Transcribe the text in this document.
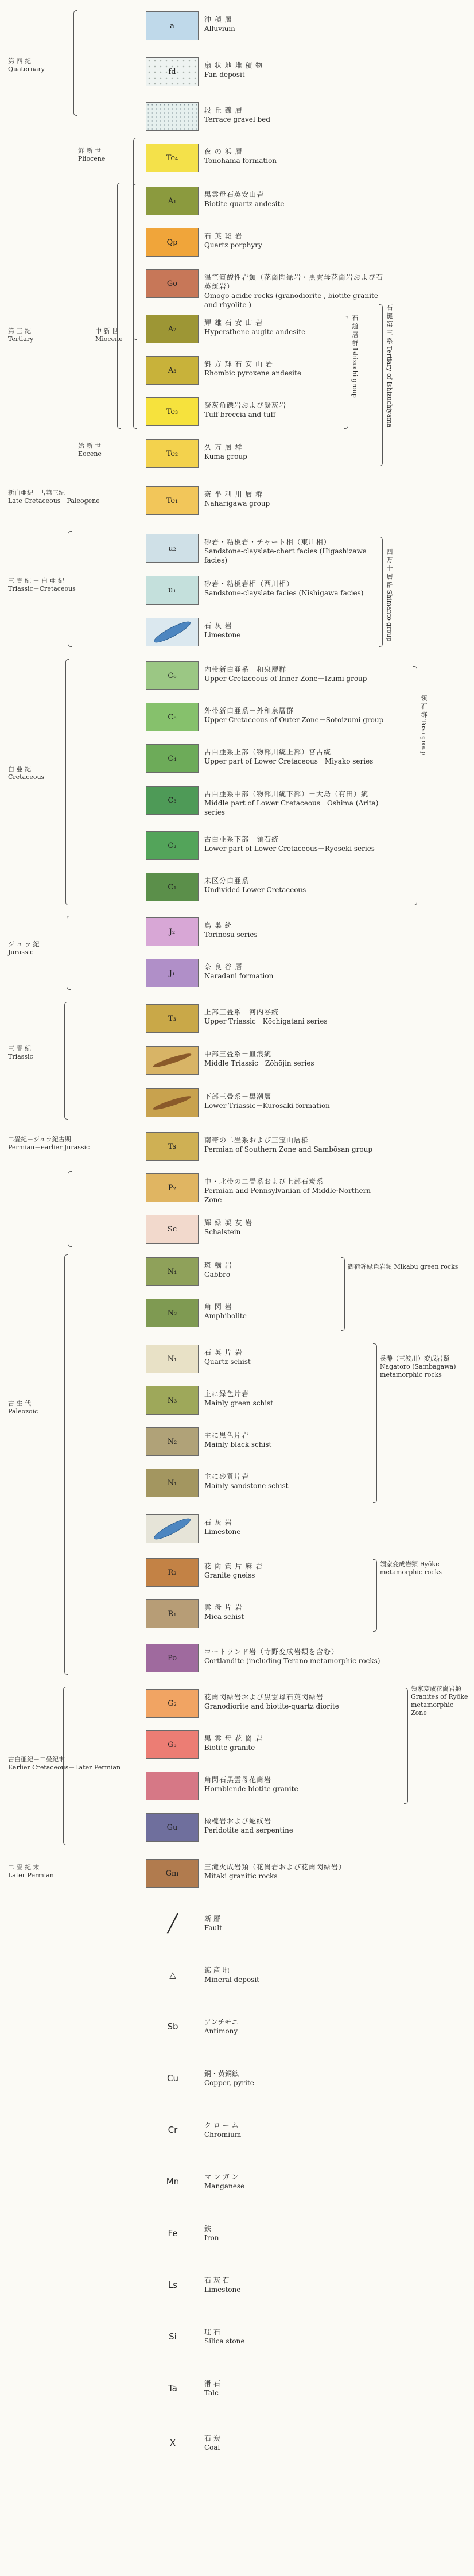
a
沖 積 層
Alluvium
fd
扇 状 地 堆 積 物
Fan deposit
段 丘 礫 層
Terrace gravel bed
Te₄
夜 の 浜 層
Tonohama formation
A₁
黒雲母石英安山岩
Biotite-quartz andesite
Qp
石 英 斑 岩
Quartz porphyry
Go
温竺質酸性岩類（花崗閃緑岩・黒雲母花崗岩および石英斑岩）
Omogo acidic rocks (granodiorite , biotite granite and rhyolite )
A₂
輝 雄 石 安 山 岩
Hypersthene-augite andesite
A₃
斜 方 輝 石 安 山 岩
Rhombic pyroxene andesite
Te₃
凝灰角礫岩および凝灰岩
Tuff-breccia and tuff
Te₂
久 万 層 群
Kuma group
Te₁
奈 半 利 川 層 群
Naharigawa group
u₂
砂岩・粘板岩・チャート相（東川相）
Sandstone-clayslate-chert facies (Higashizawa facies)
u₁
砂岩・粘板岩相（西川相）
Sandstone-clayslate facies (Nishigawa facies)
石 灰 岩
Limestone
C₆
内帯新白亜系－和泉層群
Upper Cretaceous of Inner Zone－Izumi group
C₅
外帯新白亜系－外和泉層群
Upper Cretaceous of Outer Zone－Sotoizumi group
C₄
古白亜系上部（物部川統上部）宮古統
Upper part of Lower Cretaceous－Miyako series
C₃
古白亜系中部（物部川統下部）－大島（有田）統
Middle part of Lower Cretaceous－Oshima (Arita) series
C₂
古白亜系下部－領石統
Lower part of Lower Cretaceous－Ryōseki series
C₁
未区分白亜系
Undivided Lower Cretaceous
J₂
鳥 巣 統
Torinosu series
J₁
奈 良 谷 層
Naradani formation
T₃
上部三畳系－河内谷統
Upper Triassic－Kōchigatani series
中部三畳系－皿浪統
Middle Triassic－Zōhōjin series
下部三畳系－黒潮層
Lower Triassic－Kurosaki formation
Ts
南帯の二畳系および三宝山層群
Permian of Southern Zone and Sambōsan group
P₂
中・北帯の二畳系および上部石炭系
Permian and Pennsylvanian of Middle·Northern Zone
Sc
輝 緑 凝 灰 岩
Schalstein
N₁
斑 糲 岩
Gabbro
N₂
角 閃 岩
Amphibolite
N₁
石 英 片 岩
Quartz schist
N₃
主に緑色片岩
Mainly green schist
N₂
主に黒色片岩
Mainly black schist
N₁
主に砂質片岩
Mainly sandstone schist
石 灰 岩
Limestone
R₂
花 崗 質 片 麻 岩
Granite gneiss
R₁
雲 母 片 岩
Mica schist
Po
コートランド岩（寺野変成岩類を含む）
Cortlandite (including Terano metamorphic rocks)
G₂
花崗閃緑岩および黒雲母石英閃緑岩
Granodiorite and biotite-quartz diorite
G₃
黒 雲 母 花 崗 岩
Biotite granite
角閃石黒雲母花崗岩
Hornblende-biotite granite
Gu
橄欖岩および蛇紋岩
Peridotite and serpentine
Gm
三滝火成岩類（花崗岩および花崗閃緑岩）
Mitaki granitic rocks
第 四 紀
Quaternary
鮮 新 世
Pliocene
第 三 紀
Tertiary
中 新 世
Miocene
始 新 世
Eocene
新白亜紀－古第三紀
Late Cretaceous－Paleogene
三 畳 紀 － 白 亜 紀
Triassic－Cretaceous
白 亜 紀
Cretaceous
ジ ュ ラ 紀
Jurassic
三 畳 紀
Triassic
二畳紀－ジュラ紀古期
Permian－earlier Jurassic
古 生 代
Paleozoic
古白亜紀－二畳紀末
Earlier Cretaceous－Later Permian
二 畳 紀 末
Later Permian
石 鎚 層 群 Ishizuchi group	石 鎚 第 三 系 Tertiary of Ishizuchiyama
四 万 十 層 群 Shimanto group
領 石 群 Tosa group
御荷鉾緑色岩類 Mikabu green rocks
長瀞（三波川）変成岩類 Nagatoro (Sambagawa) metamorphic rocks
領家変成岩類 Ryōke metamorphic rocks
領家変成花崗岩類 Granites of Ryōke metamorphic Zone
╱	断 層
Fault
△	鉱 産 地
Mineral deposit
Sb	アンチモニ
Antimony
Cu	銅・黄銅鉱
Copper, pyrite
Cr	ク ロ ー ム
Chromium
Mn	マ ン ガ ン
Manganese
Fe	鉄
Iron
Ls	石 灰 石
Limestone
Si	珪 石
Silica stone
Ta	滑 石
Talc
X	石 炭
Coal
